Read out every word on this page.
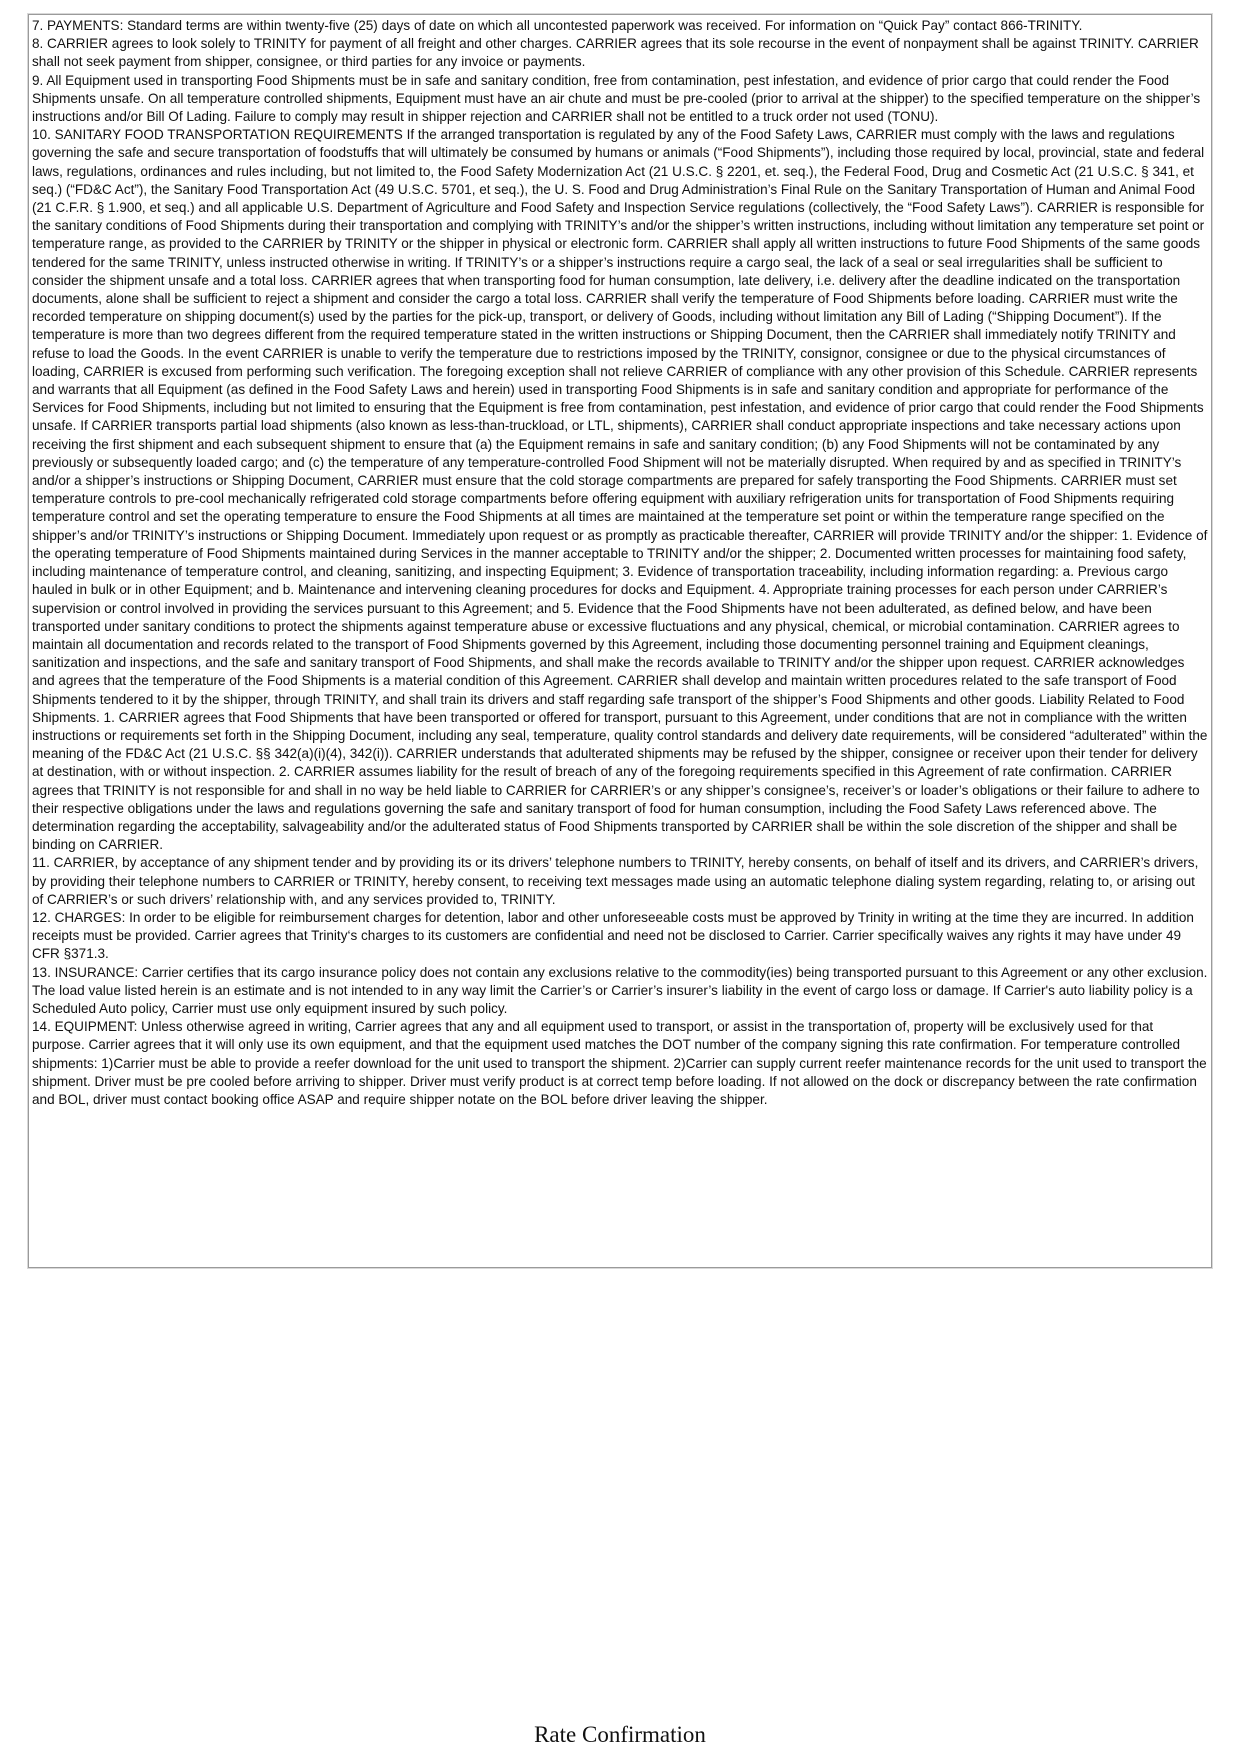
7. PAYMENTS: Standard terms are within twenty-five (25) days of date on which all uncontested paperwork was received. For information on “Quick Pay” contact 866-TRINITY.

8. CARRIER agrees to look solely to TRINITY for payment of all freight and other charges. CARRIER agrees that its sole recourse in the event of nonpayment shall be against TRINITY. CARRIER shall not seek payment from shipper, consignee, or third parties for any invoice or payments.

9. All Equipment used in transporting Food Shipments must be in safe and sanitary condition, free from contamination, pest infestation, and evidence of prior cargo that could render the Food Shipments unsafe. On all temperature controlled shipments, Equipment must have an air chute and must be pre-cooled (prior to arrival at the shipper) to the specified temperature on the shipper’s instructions and/or Bill Of Lading. Failure to comply may result in shipper rejection and CARRIER shall not be entitled to a truck order not used (TONU).

10. SANITARY FOOD TRANSPORTATION REQUIREMENTS If the arranged transportation is regulated by any of the Food Safety Laws, CARRIER must comply with the laws and regulations governing the safe and secure transportation of foodstuffs that will ultimately be consumed by humans or animals (“Food Shipments”), including those required by local, provincial, state and federal laws, regulations, ordinances and rules including, but not limited to, the Food Safety Modernization Act (21 U.S.C. § 2201, et. seq.), the Federal Food, Drug and Cosmetic Act (21 U.S.C. § 341, et seq.) (“FD&C Act”), the Sanitary Food Transportation Act (49 U.S.C. 5701, et seq.), the U. S. Food and Drug Administration’s Final Rule on the Sanitary Transportation of Human and Animal Food (21 C.F.R. § 1.900, et seq.) and all applicable U.S. Department of Agriculture and Food Safety and Inspection Service regulations (collectively, the “Food Safety Laws”). CARRIER is responsible for the sanitary conditions of Food Shipments during their transportation and complying with TRINITY’s and/or the shipper’s written instructions, including without limitation any temperature set point or temperature range, as provided to the CARRIER by TRINITY or the shipper in physical or electronic form. CARRIER shall apply all written instructions to future Food Shipments of the same goods tendered for the same TRINITY, unless instructed otherwise in writing. If TRINITY’s or a shipper’s instructions require a cargo seal, the lack of a seal or seal irregularities shall be sufficient to consider the shipment unsafe and a total loss. CARRIER agrees that when transporting food for human consumption, late delivery, i.e. delivery after the deadline indicated on the transportation documents, alone shall be sufficient to reject a shipment and consider the cargo a total loss. CARRIER shall verify the temperature of Food Shipments before loading. CARRIER must write the recorded temperature on shipping document(s) used by the parties for the pick-up, transport, or delivery of Goods, including without limitation any Bill of Lading (“Shipping Document”). If the temperature is more than two degrees different from the required temperature stated in the written instructions or Shipping Document, then the CARRIER shall immediately notify TRINITY and refuse to load the Goods. In the event CARRIER is unable to verify the temperature due to restrictions imposed by the TRINITY, consignor, consignee or due to the physical circumstances of loading, CARRIER is excused from performing such verification. The foregoing exception shall not relieve CARRIER of compliance with any other provision of this Schedule. CARRIER represents and warrants that all Equipment (as defined in the Food Safety Laws and herein) used in transporting Food Shipments is in safe and sanitary condition and appropriate for performance of the Services for Food Shipments, including but not limited to ensuring that the Equipment is free from contamination, pest infestation, and evidence of prior cargo that could render the Food Shipments unsafe. If CARRIER transports partial load shipments (also known as less-than-truckload, or LTL, shipments), CARRIER shall conduct appropriate inspections and take necessary actions upon receiving the first shipment and each subsequent shipment to ensure that (a) the Equipment remains in safe and sanitary condition; (b) any Food Shipments will not be contaminated by any previously or subsequently loaded cargo; and (c) the temperature of any temperature-controlled Food Shipment will not be materially disrupted. When required by and as specified in TRINITY’s and/or a shipper’s instructions or Shipping Document, CARRIER must ensure that the cold storage compartments are prepared for safely transporting the Food Shipments. CARRIER must set temperature controls to pre-cool mechanically refrigerated cold storage compartments before offering equipment with auxiliary refrigeration units for transportation of Food Shipments requiring temperature control and set the operating temperature to ensure the Food Shipments at all times are maintained at the temperature set point or within the temperature range specified on the shipper’s and/or TRINITY’s instructions or Shipping Document. Immediately upon request or as promptly as practicable thereafter, CARRIER will provide TRINITY and/or the shipper: 1. Evidence of the operating temperature of Food Shipments maintained during Services in the manner acceptable to TRINITY and/or the shipper; 2. Documented written processes for maintaining food safety, including maintenance of temperature control, and cleaning, sanitizing, and inspecting Equipment; 3. Evidence of transportation traceability, including information regarding: a. Previous cargo hauled in bulk or in other Equipment; and b. Maintenance and intervening cleaning procedures for docks and Equipment. 4. Appropriate training processes for each person under CARRIER’s supervision or control involved in providing the services pursuant to this Agreement; and 5. Evidence that the Food Shipments have not been adulterated, as defined below, and have been transported under sanitary conditions to protect the shipments against temperature abuse or excessive fluctuations and any physical, chemical, or microbial contamination. CARRIER agrees to maintain all documentation and records related to the transport of Food Shipments governed by this Agreement, including those documenting personnel training and Equipment cleanings, sanitization and inspections, and the safe and sanitary transport of Food Shipments, and shall make the records available to TRINITY and/or the shipper upon request. CARRIER acknowledges and agrees that the temperature of the Food Shipments is a material condition of this Agreement. CARRIER shall develop and maintain written procedures related to the safe transport of Food Shipments tendered to it by the shipper, through TRINITY, and shall train its drivers and staff regarding safe transport of the shipper’s Food Shipments and other goods. Liability Related to Food Shipments. 1. CARRIER agrees that Food Shipments that have been transported or offered for transport, pursuant to this Agreement, under conditions that are not in compliance with the written instructions or requirements set forth in the Shipping Document, including any seal, temperature, quality control standards and delivery date requirements, will be considered “adulterated” within the meaning of the FD&C Act (21 U.S.C. §§ 342(a)(i)(4), 342(i)). CARRIER understands that adulterated shipments may be refused by the shipper, consignee or receiver upon their tender for delivery at destination, with or without inspection. 2. CARRIER assumes liability for the result of breach of any of the foregoing requirements specified in this Agreement of rate confirmation. CARRIER agrees that TRINITY is not responsible for and shall in no way be held liable to CARRIER for CARRIER’s or any shipper’s consignee’s, receiver’s or loader’s obligations or their failure to adhere to their respective obligations under the laws and regulations governing the safe and sanitary transport of food for human consumption, including the Food Safety Laws referenced above. The determination regarding the acceptability, salvageability and/or the adulterated status of Food Shipments transported by CARRIER shall be within the sole discretion of the shipper and shall be binding on CARRIER.

11. CARRIER, by acceptance of any shipment tender and by providing its or its drivers’ telephone numbers to TRINITY, hereby consents, on behalf of itself and its drivers, and CARRIER’s drivers, by providing their telephone numbers to CARRIER or TRINITY, hereby consent, to receiving text messages made using an automatic telephone dialing system regarding, relating to, or arising out of CARRIER’s or such drivers’ relationship with, and any services provided to, TRINITY.

12. CHARGES: In order to be eligible for reimbursement charges for detention, labor and other unforeseeable costs must be approved by Trinity in writing at the time they are incurred. In addition receipts must be provided. Carrier agrees that Trinity‘s charges to its customers are confidential and need not be disclosed to Carrier. Carrier specifically waives any rights it may have under 49 CFR §371.3.

13. INSURANCE: Carrier certifies that its cargo insurance policy does not contain any exclusions relative to the commodity(ies) being transported pursuant to this Agreement or any other exclusion. The load value listed herein is an estimate and is not intended to in any way limit the Carrier’s or Carrier’s insurer’s liability in the event of cargo loss or damage. If Carrier's auto liability policy is a Scheduled Auto policy, Carrier must use only equipment insured by such policy.

14. EQUIPMENT: Unless otherwise agreed in writing, Carrier agrees that any and all equipment used to transport, or assist in the transportation of, property will be exclusively used for that purpose. Carrier agrees that it will only use its own equipment, and that the equipment used matches the DOT number of the company signing this rate confirmation. For temperature controlled shipments: 1)Carrier must be able to provide a reefer download for the unit used to transport the shipment. 2)Carrier can supply current reefer maintenance records for the unit used to transport the shipment. Driver must be pre cooled before arriving to shipper. Driver must verify product is at correct temp before loading. If not allowed on the dock or discrepancy between the rate confirmation and BOL, driver must contact booking office ASAP and require shipper notate on the BOL before driver leaving the shipper.

Rate Confirmation
